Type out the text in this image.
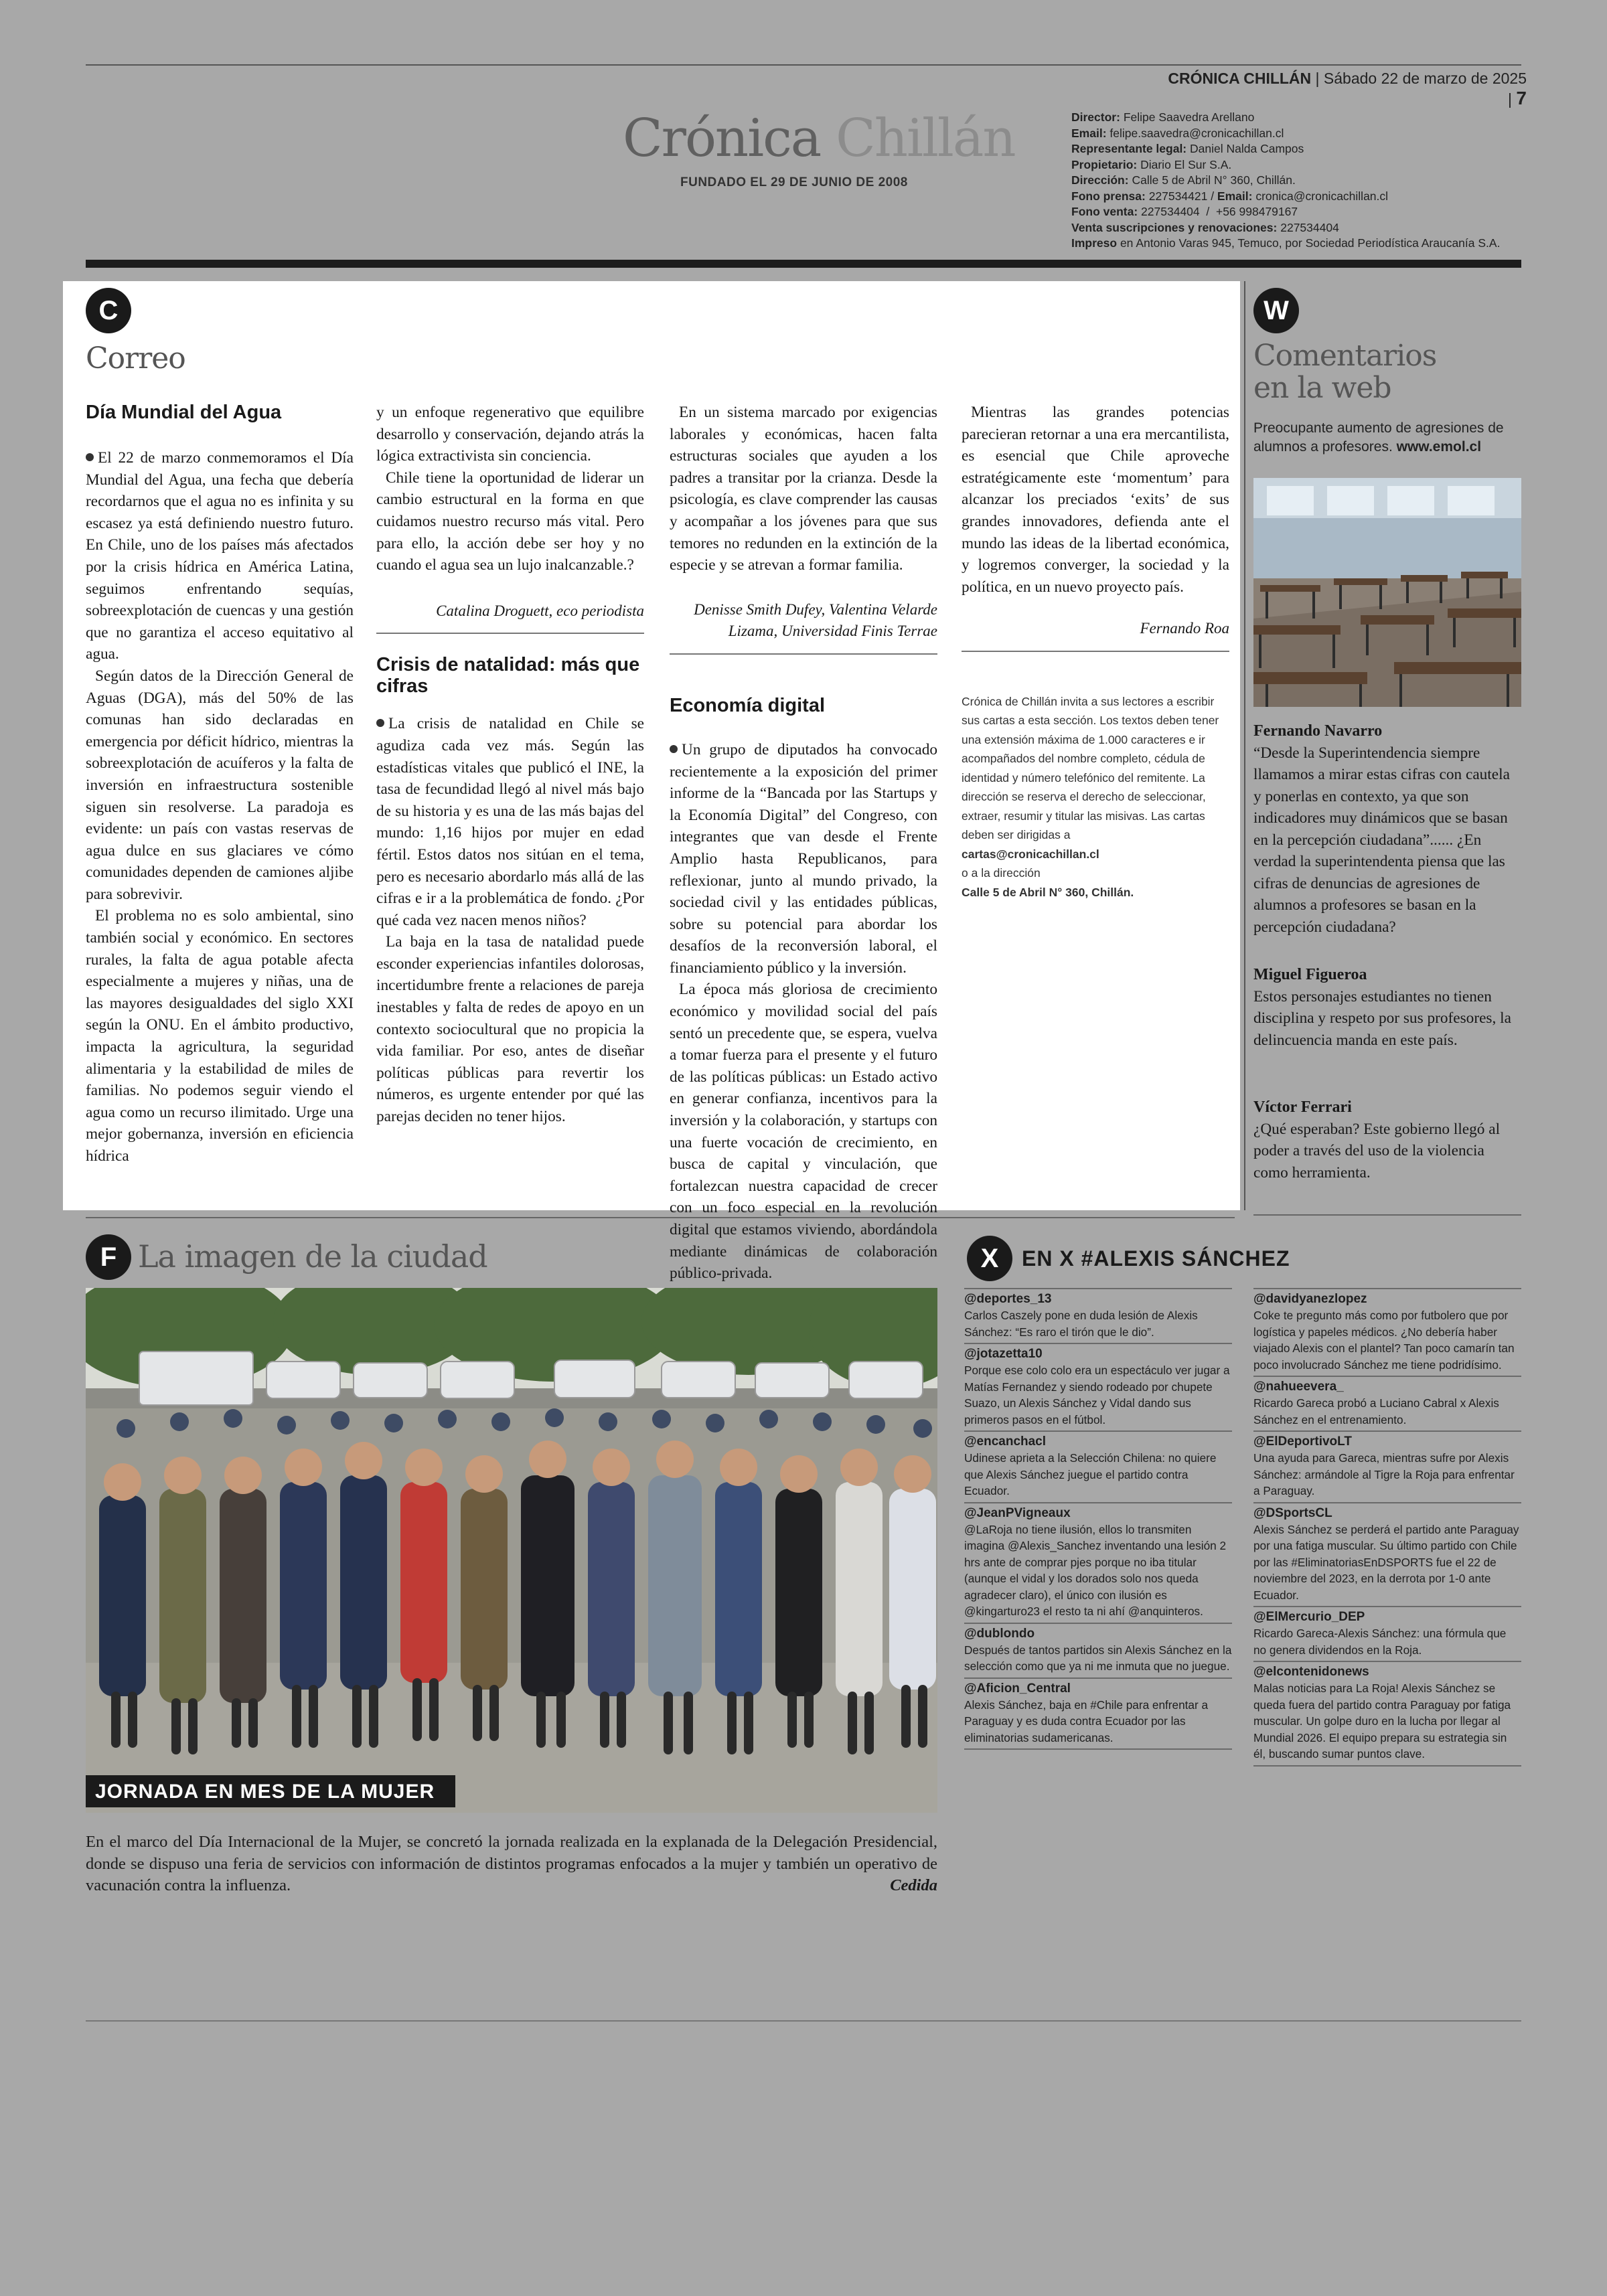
CRÓNICA CHILLÁN | Sábado 22 de marzo de 2025 | 7
Crónica Chillán
FUNDADO EL 29 DE JUNIO DE 2008
Director: Felipe Saavedra Arellano
Email: felipe.saavedra@cronicachillan.cl
Representante legal: Daniel Nalda Campos
Propietario: Diario El Sur S.A.
Dirección: Calle 5 de Abril N° 360, Chillán.
Fono prensa: 227534421 / Email: cronica@cronicachillan.cl
Fono venta: 227534404  /  +56 998479167
Venta suscripciones y renovaciones: 227534404
Impreso en Antonio Varas 945, Temuco, por Sociedad Periodística Araucanía S.A.
C
Correo
Día Mundial del Agua

El 22 de marzo conmemoramos el Día Mundial del Agua, una fecha que debería recordarnos que el agua no es infinita y su escasez ya está definiendo nuestro futuro. En Chile, uno de los países más afectados por la crisis hídrica en América Latina, seguimos enfrentando sequías, sobreexplotación de cuencas y una gestión que no garantiza el acceso equitativo al agua.

Según datos de la Dirección General de Aguas (DGA), más del 50% de las comunas han sido declaradas en emergencia por déficit hídrico, mientras la sobreexplotación de acuíferos y la falta de inversión en infraestructura sostenible siguen sin resolverse. La paradoja es evidente: un país con vastas reservas de agua dulce en sus glaciares ve cómo comunidades dependen de camiones aljibe para sobrevivir.

El problema no es solo ambiental, sino también social y económico. En sectores rurales, la falta de agua potable afecta especialmente a mujeres y niñas, una de las mayores desigualdades del siglo XXI según la ONU. En el ámbito productivo, impacta la agricultura, la seguridad alimentaria y la estabilidad de miles de familias. No podemos seguir viendo el agua como un recurso ilimitado. Urge una mejor gobernanza, inversión en eficiencia hídrica

y un enfoque regenerativo que equilibre desarrollo y conservación, dejando atrás la lógica extractivista sin conciencia.

Chile tiene la oportunidad de liderar un cambio estructural en la forma en que cuidamos nuestro recurso más vital. Pero para ello, la acción debe ser hoy y no cuando el agua sea un lujo inalcanzable.?

Catalina Droguett, eco periodista
Crisis de natalidad: más que cifras

La crisis de natalidad en Chile se agudiza cada vez más. Según las estadísticas vitales que publicó el INE, la tasa de fecundidad llegó al nivel más bajo de su historia y es una de las más bajas del mundo: 1,16 hijos por mujer en edad fértil. Estos datos nos sitúan en el tema, pero es necesario abordarlo más allá de las cifras e ir a la problemática de fondo. ¿Por qué cada vez nacen menos niños?

La baja en la tasa de natalidad puede esconder experiencias infantiles dolorosas, incertidumbre frente a relaciones de pareja inestables y falta de redes de apoyo en un contexto sociocultural que no propicia la vida familiar. Por eso, antes de diseñar políticas públicas para revertir los números, es urgente entender por qué las parejas deciden no tener hijos.

En un sistema marcado por exigencias laborales y económicas, hacen falta estructuras sociales que ayuden a los padres a transitar por la crianza. Desde la psicología, es clave comprender las causas y acompañar a los jóvenes para que sus temores no redunden en la extinción de la especie y se atrevan a formar familia.

Denisse Smith Dufey, Valentina Velarde Lizama, Universidad Finis Terrae
Economía digital

Un grupo de diputados ha convocado recientemente a la exposición del primer informe de la “Bancada por las Startups y la Economía Digital” del Congreso, con integrantes que van desde el Frente Amplio hasta Republicanos, para reflexionar, junto al mundo privado, la sociedad civil y las entidades públicas, sobre su potencial para abordar los desafíos de la reconversión laboral, el financiamiento público y la inversión.

La época más gloriosa de crecimiento económico y movilidad social del país sentó un precedente que, se espera, vuelva a tomar fuerza para el presente y el futuro de las políticas públicas: un Estado activo en generar confianza, incentivos para la inversión y la colaboración, y startups con una fuerte vocación de crecimiento, en busca de capital y vinculación, que fortalezcan nuestra capacidad de crecer con un foco especial en la revolución digital que estamos viviendo, abordándola mediante dinámicas de colaboración público-privada.

Mientras las grandes potencias parecieran retornar a una era mercantilista, es esencial que Chile aproveche estratégicamente este ‘momentum’ para alcanzar los preciados ‘exits’ de sus grandes innovadores, defienda ante el mundo las ideas de la libertad económica, y logremos converger, la sociedad y la política, en un nuevo proyecto país.

Fernando Roa
Crónica de Chillán invita a sus lectores a escribir sus cartas a esta sección. Los textos deben tener una extensión máxima de 1.000 caracteres e ir acompañados del nombre completo, cédula de identidad y número telefónico del remitente. La dirección se reserva el derecho de seleccionar, extraer, resumir y titular las misivas. Las cartas deben ser dirigidas a
cartas@cronicachillan.cl
o a la dirección
Calle 5 de Abril N° 360, Chillán.
W
Comentarios
en la web
Preocupante aumento de agresiones de alumnos a profesores. www.emol.cl
Fernando Navarro
“Desde la Superintendencia siempre llamamos a mirar estas cifras con cautela y ponerlas en contexto, ya que son indicadores muy dinámicos que se basan en la percepción ciudadana”...... ¿En verdad la superintendenta piensa que las cifras de denuncias de agresiones de alumnos a profesores se basan en la percepción ciudadana?
Miguel Figueroa
Estos personajes estudiantes no tienen disciplina y respeto por sus profesores, la delincuencia manda en este país.
Víctor Ferrari
¿Qué esperaban? Este gobierno llegó al poder a través del uso de la violencia como herramienta.
F La imagen de la ciudad
JORNADA EN MES DE LA MUJER
En el marco del Día Internacional de la Mujer, se concretó la jornada realizada en la explanada de la Delegación Presidencial, donde se dispuso una feria de servicios con información de distintos programas enfocados a la mujer y también un operativo de vacunación contra la influenza.	Cedida
X	EN X #ALEXIS SÁNCHEZ
@deportes_13
Carlos Caszely pone en duda lesión de Alexis Sánchez: “Es raro el tirón que le dio”.
@jotazetta10
Porque ese colo colo era un espectáculo ver jugar a Matías Fernandez y siendo rodeado por chupete Suazo, un Alexis Sánchez y Vidal dando sus primeros pasos en el fútbol.
@encanchacl
Udinese aprieta a la Selección Chilena: no quiere que Alexis Sánchez juegue el partido contra Ecuador.
@JeanPVigneaux
@LaRoja no tiene ilusión, ellos lo transmiten imagina @Alexis_Sanchez inventando una lesión 2 hrs ante de comprar pjes porque no iba titular (aunque el vidal y los dorados solo nos queda agradecer claro), el único con ilusión es @kingarturo23 el resto ta ni ahí @anquinteros.
@dublondo
Después de tantos partidos sin Alexis Sánchez en la selección como que ya ni me inmuta que no juegue.
@Aficion_Central
Alexis Sánchez, baja en #Chile para enfrentar a Paraguay y es duda contra Ecuador por las eliminatorias sudamericanas.
@davidyanezlopez
Coke te pregunto más como por futbolero que por logística y papeles médicos. ¿No debería haber viajado Alexis con el plantel? Tan poco camarín tan poco involucrado Sánchez me tiene podridísimo.
@nahueevera_
Ricardo Gareca probó a Luciano Cabral x Alexis Sánchez en el entrenamiento.
@ElDeportivoLT
Una ayuda para Gareca, mientras sufre por Alexis Sánchez: armándole al Tigre la Roja para enfrentar a Paraguay.
@DSportsCL
Alexis Sánchez se perderá el partido ante Paraguay por una fatiga muscular. Su último partido con Chile por las #EliminatoriasEnDSPORTS fue el 22 de noviembre del 2023, en la derrota por 1-0 ante Ecuador.
@ElMercurio_DEP
Ricardo Gareca-Alexis Sánchez: una fórmula que no genera dividendos en la Roja.
@elcontenidonews
Malas noticias para La Roja! Alexis Sánchez se queda fuera del partido contra Paraguay por fatiga muscular. Un golpe duro en la lucha por llegar al Mundial 2026. El equipo prepara su estrategia sin él, buscando sumar puntos clave.
